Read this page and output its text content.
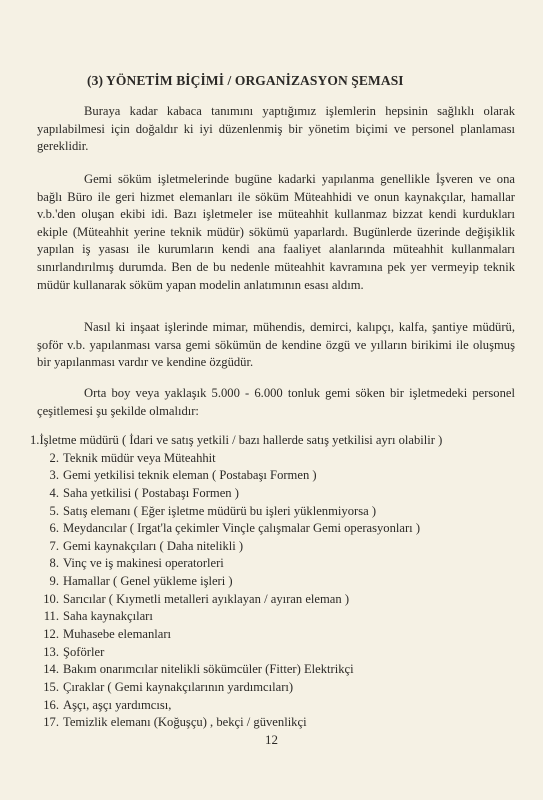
(3) YÖNETİM BİÇİMİ / ORGANİZASYON ŞEMASI

Buraya kadar kabaca tanımını yaptığımız işlemlerin hepsinin sağlıklı olarak yapılabilmesi için doğaldır ki iyi düzenlenmiş bir yönetim biçimi ve personel planlaması gereklidir.

Gemi söküm işletmelerinde bugüne kadarki yapılanma genellikle İşveren ve ona bağlı Büro ile geri hizmet elemanları ile söküm Müteahhidi ve onun kaynakçılar, hamallar v.b.'den oluşan ekibi idi. Bazı işletmeler ise müteahhit kullanmaz bizzat kendi kurdukları ekiple (Müteahhit yerine teknik müdür) sökümü yaparlardı. Bugünlerde üzerinde değişiklik yapılan iş yasası ile kurumların kendi ana faaliyet alanlarında müteahhit kullanmaları sınırlandırılmış durumda. Ben de bu nedenle müteahhit kavramına pek yer vermeyip teknik müdür kullanarak söküm yapan modelin anlatımının esası aldım.

Nasıl ki inşaat işlerinde mimar, mühendis, demirci, kalıpçı, kalfa, şantiye müdürü, şoför v.b. yapılanması varsa gemi sökümün de kendine özgü ve yılların birikimi ile oluşmuş bir yapılanması vardır ve kendine özgüdür.

Orta boy veya yaklaşık 5.000 - 6.000 tonluk gemi söken bir işletmedeki personel çeşitlemesi şu şekilde olmalıdır:

1.İşletme müdürü ( İdari ve satış yetkili / bazı hallerde satış yetkilisi ayrı olabilir )
2. Teknik müdür veya Müteahhit
3. Gemi yetkilisi teknik eleman ( Postabaşı Formen )
4. Saha yetkilisi ( Postabaşı Formen )
5. Satış elemanı ( Eğer işletme müdürü bu işleri yüklenmiyorsa )
6. Meydancılar ( Irgat'la çekimler Vinçle çalışmalar Gemi operasyonları )
7. Gemi kaynakçıları ( Daha nitelikli )
8. Vinç ve iş makinesi operatorleri
9. Hamallar ( Genel yükleme işleri )
10. Sarıcılar ( Kıymetli metalleri ayıklayan / ayıran eleman )
11. Saha kaynakçıları
12. Muhasebe elemanları
13. Şoförler
14. Bakım onarımcılar nitelikli sökümcüler (Fitter) Elektrikçi
15. Çıraklar ( Gemi kaynakçılarının yardımcıları)
16. Aşçı, aşçı yardımcısı,
17. Temizlik elemanı (Koğuşçu) , bekçi / güvenlikçi
12
